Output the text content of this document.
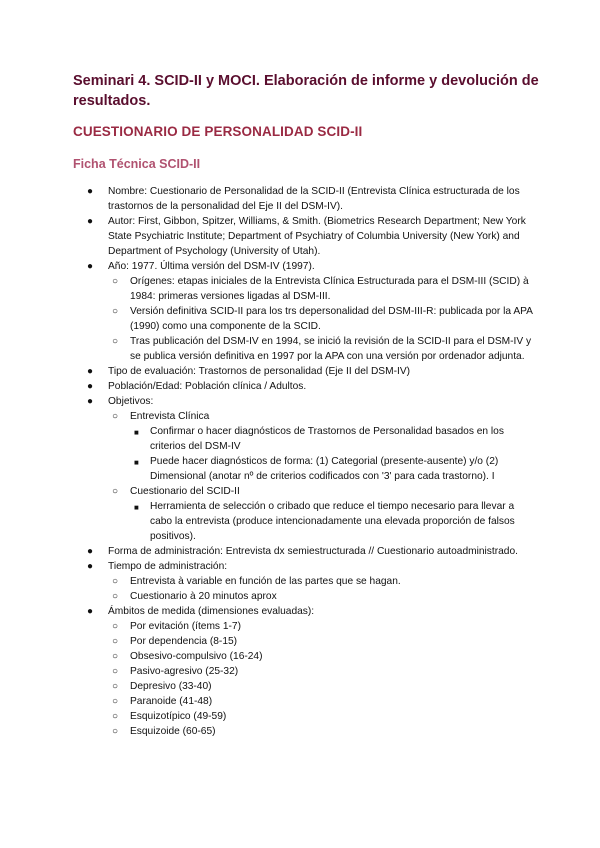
Seminari 4. SCID-II y MOCI. Elaboración de informe y devolución de resultados.
CUESTIONARIO DE PERSONALIDAD SCID-II
Ficha Técnica SCID-II
● Nombre: Cuestionario de Personalidad de la SCID-II (Entrevista Clínica estructurada de los trastornos de la personalidad del Eje II del DSM-IV).
● Autor: First, Gibbon, Spitzer, Williams, & Smith. (Biometrics Research Department; New York State Psychiatric Institute; Department of Psychiatry of Columbia University (New York) and Department of Psychology (University of Utah).
● Año: 1977. Última versión del DSM-IV (1997).
○ Orígenes: etapas iniciales de la Entrevista Clínica Estructurada para el DSM-III (SCID) à 1984: primeras versiones ligadas al DSM-III.
○ Versión definitiva SCID-II para los trs depersonalidad del DSM-III-R: publicada por la APA (1990) como una componente de la SCID.
○ Tras publicación del DSM-IV en 1994, se inició la revisión de la SCID-II para el DSM-IV y se publica versión definitiva en 1997 por la APA con una versión por ordenador adjunta.
● Tipo de evaluación: Trastornos de personalidad (Eje II del DSM-IV)
● Población/Edad: Población clínica / Adultos.
● Objetivos:
○ Entrevista Clínica
■ Confirmar o hacer diagnósticos de Trastornos de Personalidad basados en los criterios del DSM-IV
■ Puede hacer diagnósticos de forma: (1) Categorial (presente-ausente) y/o (2) Dimensional (anotar nº de criterios codificados con '3' para cada trastorno). I
○ Cuestionario del SCID-II
■ Herramienta de selección o cribado que reduce el tiempo necesario para llevar a cabo la entrevista (produce intencionadamente una elevada proporción de falsos positivos).
● Forma de administración: Entrevista dx semiestructurada // Cuestionario autoadministrado.
● Tiempo de administración:
○ Entrevista à variable en función de las partes que se hagan.
○ Cuestionario à 20 minutos aprox
● Ámbitos de medida (dimensiones evaluadas):
○ Por evitación (ítems 1-7)
○ Por dependencia (8-15)
○ Obsesivo-compulsivo (16-24)
○ Pasivo-agresivo (25-32)
○ Depresivo (33-40)
○ Paranoide (41-48)
○ Esquizotípico (49-59)
○ Esquizoide (60-65)
